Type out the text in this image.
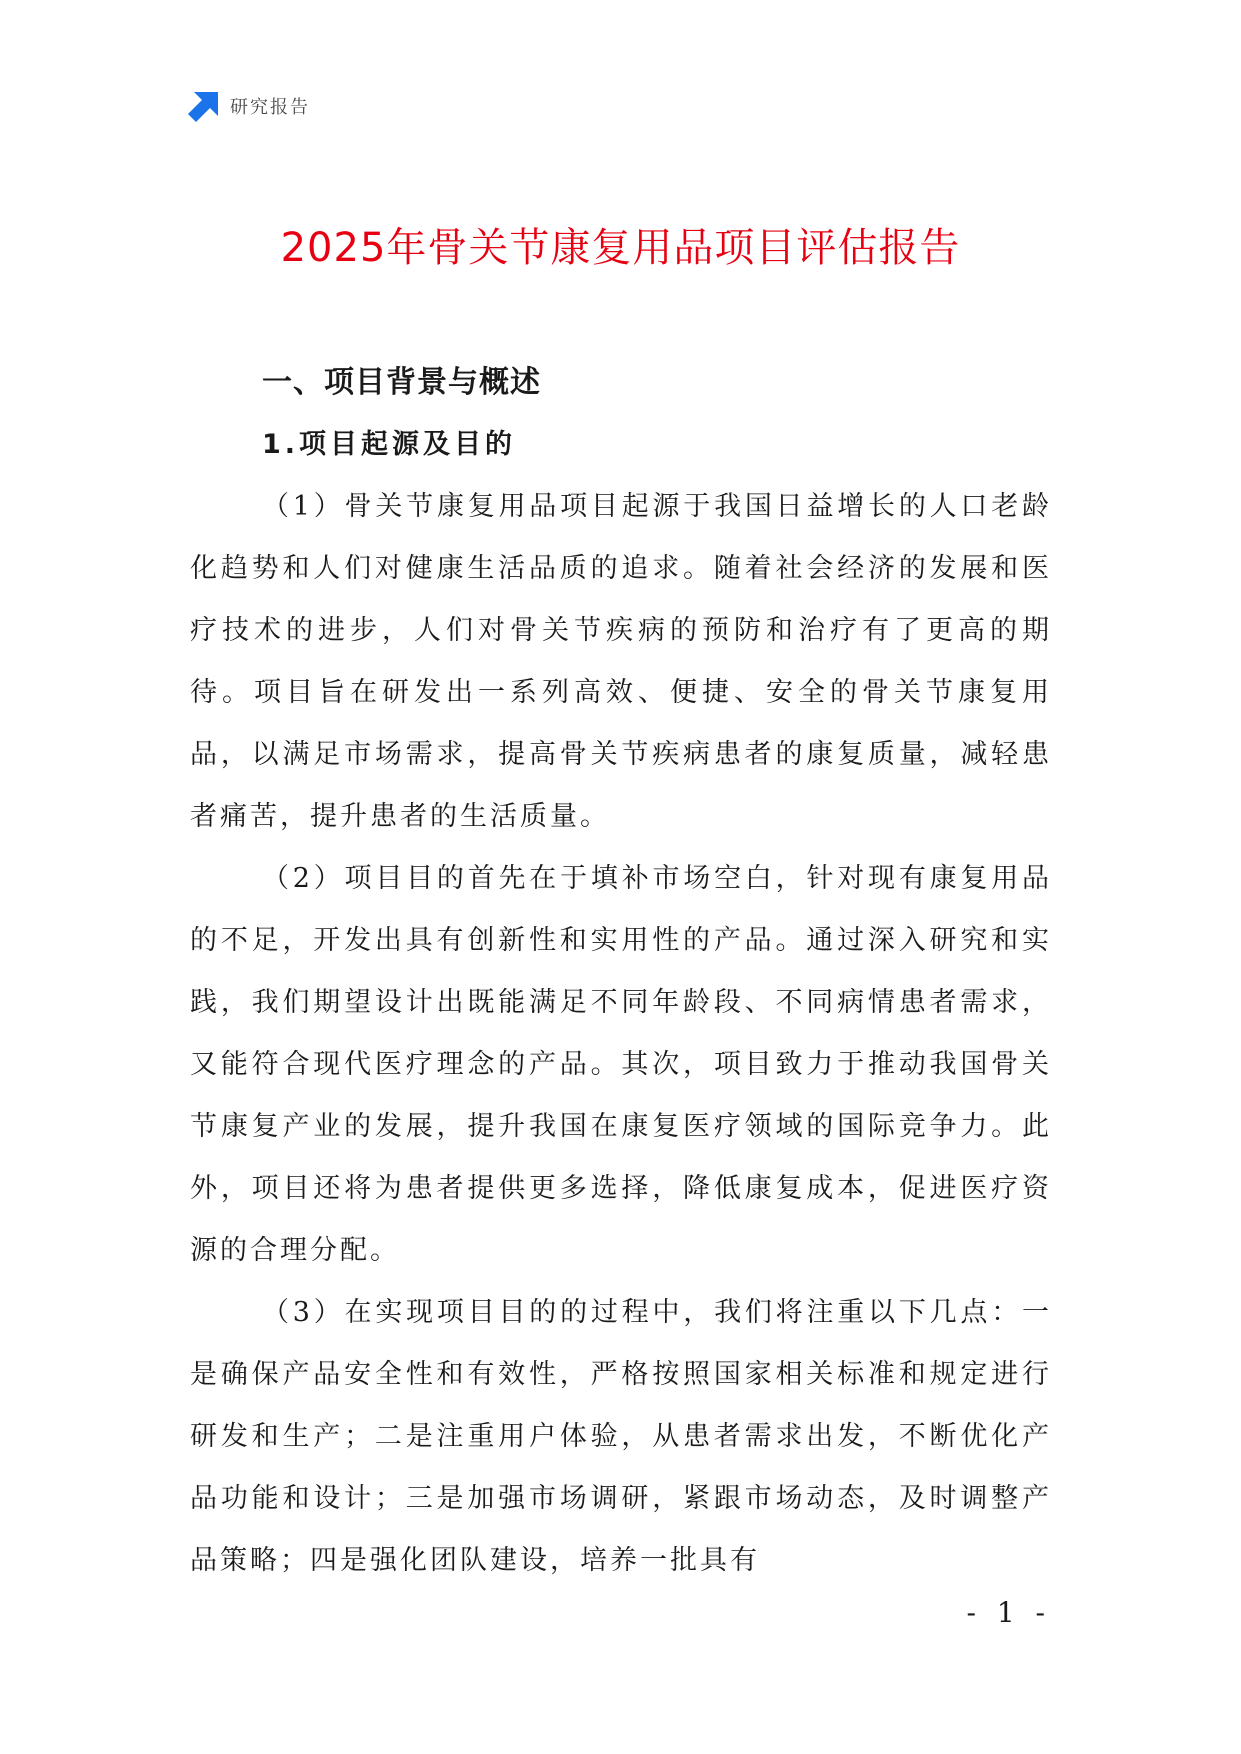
研究报告
2025年骨关节康复用品项目评估报告
一、项目背景与概述
1.项目起源及目的

（1）骨关节康复用品项目起源于我国日益增长的人口老龄化趋势和人们对健康生活品质的追求。随着社会经济的发展和医疗技术的进步，人们对骨关节疾病的预防和治疗有了更高的期待。项目旨在研发出一系列高效、便捷、安全的骨关节康复用品，以满足市场需求，提高骨关节疾病患者的康复质量，减轻患者痛苦，提升患者的生活质量。

（2）项目目的首先在于填补市场空白，针对现有康复用品的不足，开发出具有创新性和实用性的产品。通过深入研究和实践，我们期望设计出既能满足不同年龄段、不同病情患者需求，又能符合现代医疗理念的产品。其次，项目致力于推动我国骨关节康复产业的发展，提升我国在康复医疗领域的国际竞争力。此外，项目还将为患者提供更多选择，降低康复成本，促进医疗资源的合理分配。

（3）在实现项目目的的过程中，我们将注重以下几点：一是确保产品安全性和有效性，严格按照国家相关标准和规定进行研发和生产；二是注重用户体验，从患者需求出发，不断优化产品功能和设计；三是加强市场调研，紧跟市场动态，及时调整产品策略；四是强化团队建设，培养一批具有

- 1 -
